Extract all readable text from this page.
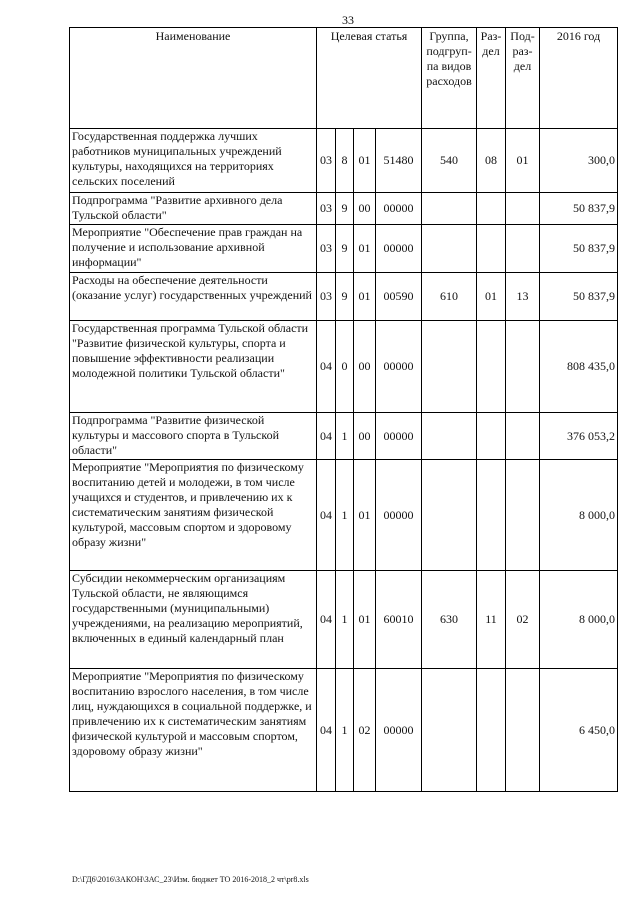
33
Наименование	Целевая статья				Группа, подгруп-па видов расходов	Раз-дел	Под-раз-дел	2016 год
Государственная поддержка лучших работников муниципальных учреждений культуры, находящихся на территориях сельских поселений	03	8	01	51480	540	08	01	300,0
Подпрограмма "Развитие архивного дела Тульской области"	03	9	00	00000				50 837,9
Мероприятие "Обеспечение прав граждан на получение и использование архивной информации"	03	9	01	00000				50 837,9
Расходы на обеспечение деятельности (оказание услуг) государственных учреждений	03	9	01	00590	610	01	13	50 837,9
Государственная программа Тульской области "Развитие физической культуры, спорта и повышение эффективности реализации молодежной политики Тульской области"	04	0	00	00000				808 435,0
Подпрограмма "Развитие физической культуры и массового спорта в Тульской области"	04	1	00	00000				376 053,2
Мероприятие "Мероприятия по физическому воспитанию детей и молодежи, в том числе учащихся и студентов, и привлечению их к систематическим занятиям физической культурой, массовым спортом и здоровому образу жизни"	04	1	01	00000				8 000,0
Субсидии некоммерческим организациям Тульской области, не являющимся государственными (муниципальными) учреждениями, на реализацию мероприятий, включенных в единый календарный план	04	1	01	60010	630	11	02	8 000,0
Мероприятие "Мероприятия по физическому воспитанию взрослого населения, в том числе лиц, нуждающихся в социальной поддержке, и привлечению их к систематическим занятиям физической культурой и массовым спортом, здоровому образу жизни"	04	1	02	00000				6 450,0
D:\ГД6\2016\ЗАКОН\ЗАС_23\Изм. бюджет ТО 2016-2018_2 чт\pr8.xls
